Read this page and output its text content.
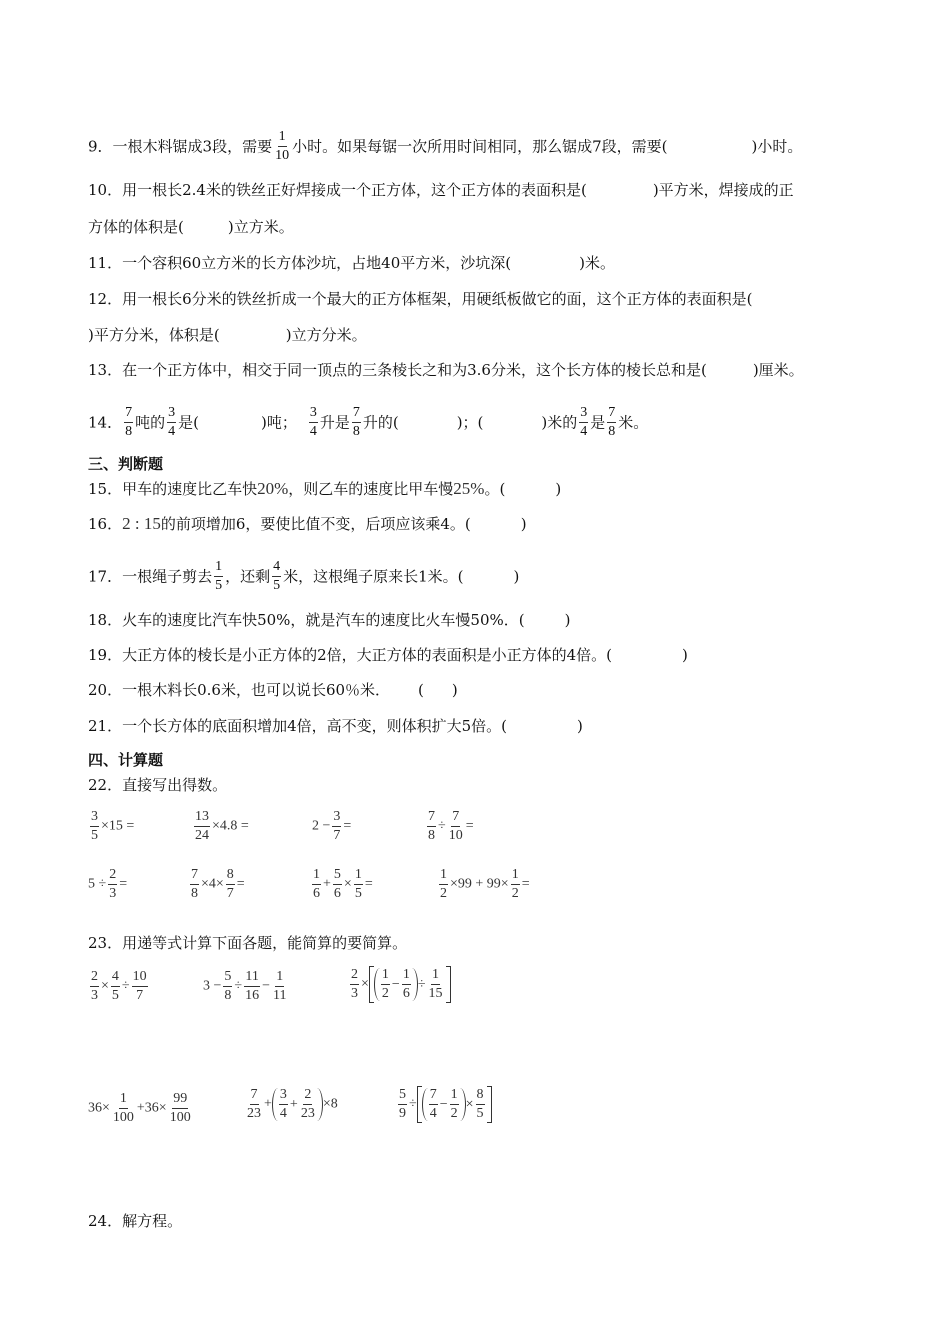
9．一根木料锯成3段，需要 $\frac{1}{10}$ 小时。如果每锯一次所用时间相同，那么锯成7段，需要(	)小时。
10．用一根长2.4米的铁丝正好焊接成一个正方体，这个正方体的表面积是(	)平方米，焊接成的正
方体的体积是(	)立方米。
11．一个容积60立方米的长方体沙坑，占地40平方米，沙坑深(	)米。
12．用一根长6分米的铁丝折成一个最大的正方体框架，用硬纸板做它的面，这个正方体的表面积是(
)平方分米，体积是(	)立方分米。
13．在一个正方体中，相交于同一顶点的三条棱长之和为3.6分米，这个长方体的棱长总和是(	)厘米。
14． $\frac{7}{8}$ 吨的 $\frac{3}{4}$ 是(	)吨； $\frac{3}{4}$ 升是 $\frac{7}{8}$ 升的(	)；(	)米的 $\frac{3}{4}$ 是 $\frac{7}{8}$ 米。
三、判断题
15．甲车的速度比乙车快20%，则乙车的速度比甲车慢25%。(	)
16．2 : 15的前项增加6，要使比值不变，后项应该乘4。(	)
17．一根绳子剪去 $\frac{1}{5}$ ，还剩 $\frac{4}{5}$ 米，这根绳子原来长1米。(	)
18．火车的速度比汽车快50%，就是汽车的速度比火车慢50%．(	)
19．大正方体的棱长是小正方体的2倍，大正方体的表面积是小正方体的4倍。(	)
20．一根木料长0.6米，也可以说长60％米． ( )
21．一个长方体的底面积增加4倍，高不变，则体积扩大5倍。(	)
四、计算题
22．直接写出得数。
$\frac{3}{5} \times 15$ =	$\frac{13}{24} \times 4.8$ =	$2 - \frac{3}{7}$ =	$\frac{7}{8} \div \frac{7}{10}$ =
$5 \div \frac{2}{3}$ =	$\frac{7}{8} \times 4\times \frac{8}{7}$ =	$\frac{1}{6} + \frac{5}{6} \times \frac{1}{5}$ =	$\frac{1}{2} \times 99 + 99\times \frac{1}{2}$ =
23．用递等式计算下面各题，能简算的要简算。
$\frac{2}{3} \times \frac{4}{5} \div \frac{10}{7}$	$3 - \frac{5}{8} \div \frac{11}{16} - \frac{1}{11}$	$\frac{2}{3} \times \frac{1}{2} - \frac{1}{6} \div \frac{1}{15}$
$36\times \frac{1}{100} +36\times \frac{99}{100}$	$\frac{7}{23} + \frac{3}{4} + \frac{2}{23} \times 8$	$\frac{5}{9} \div \frac{7}{4} - \frac{1}{2} \times \frac{8}{5}$
24．解方程。
